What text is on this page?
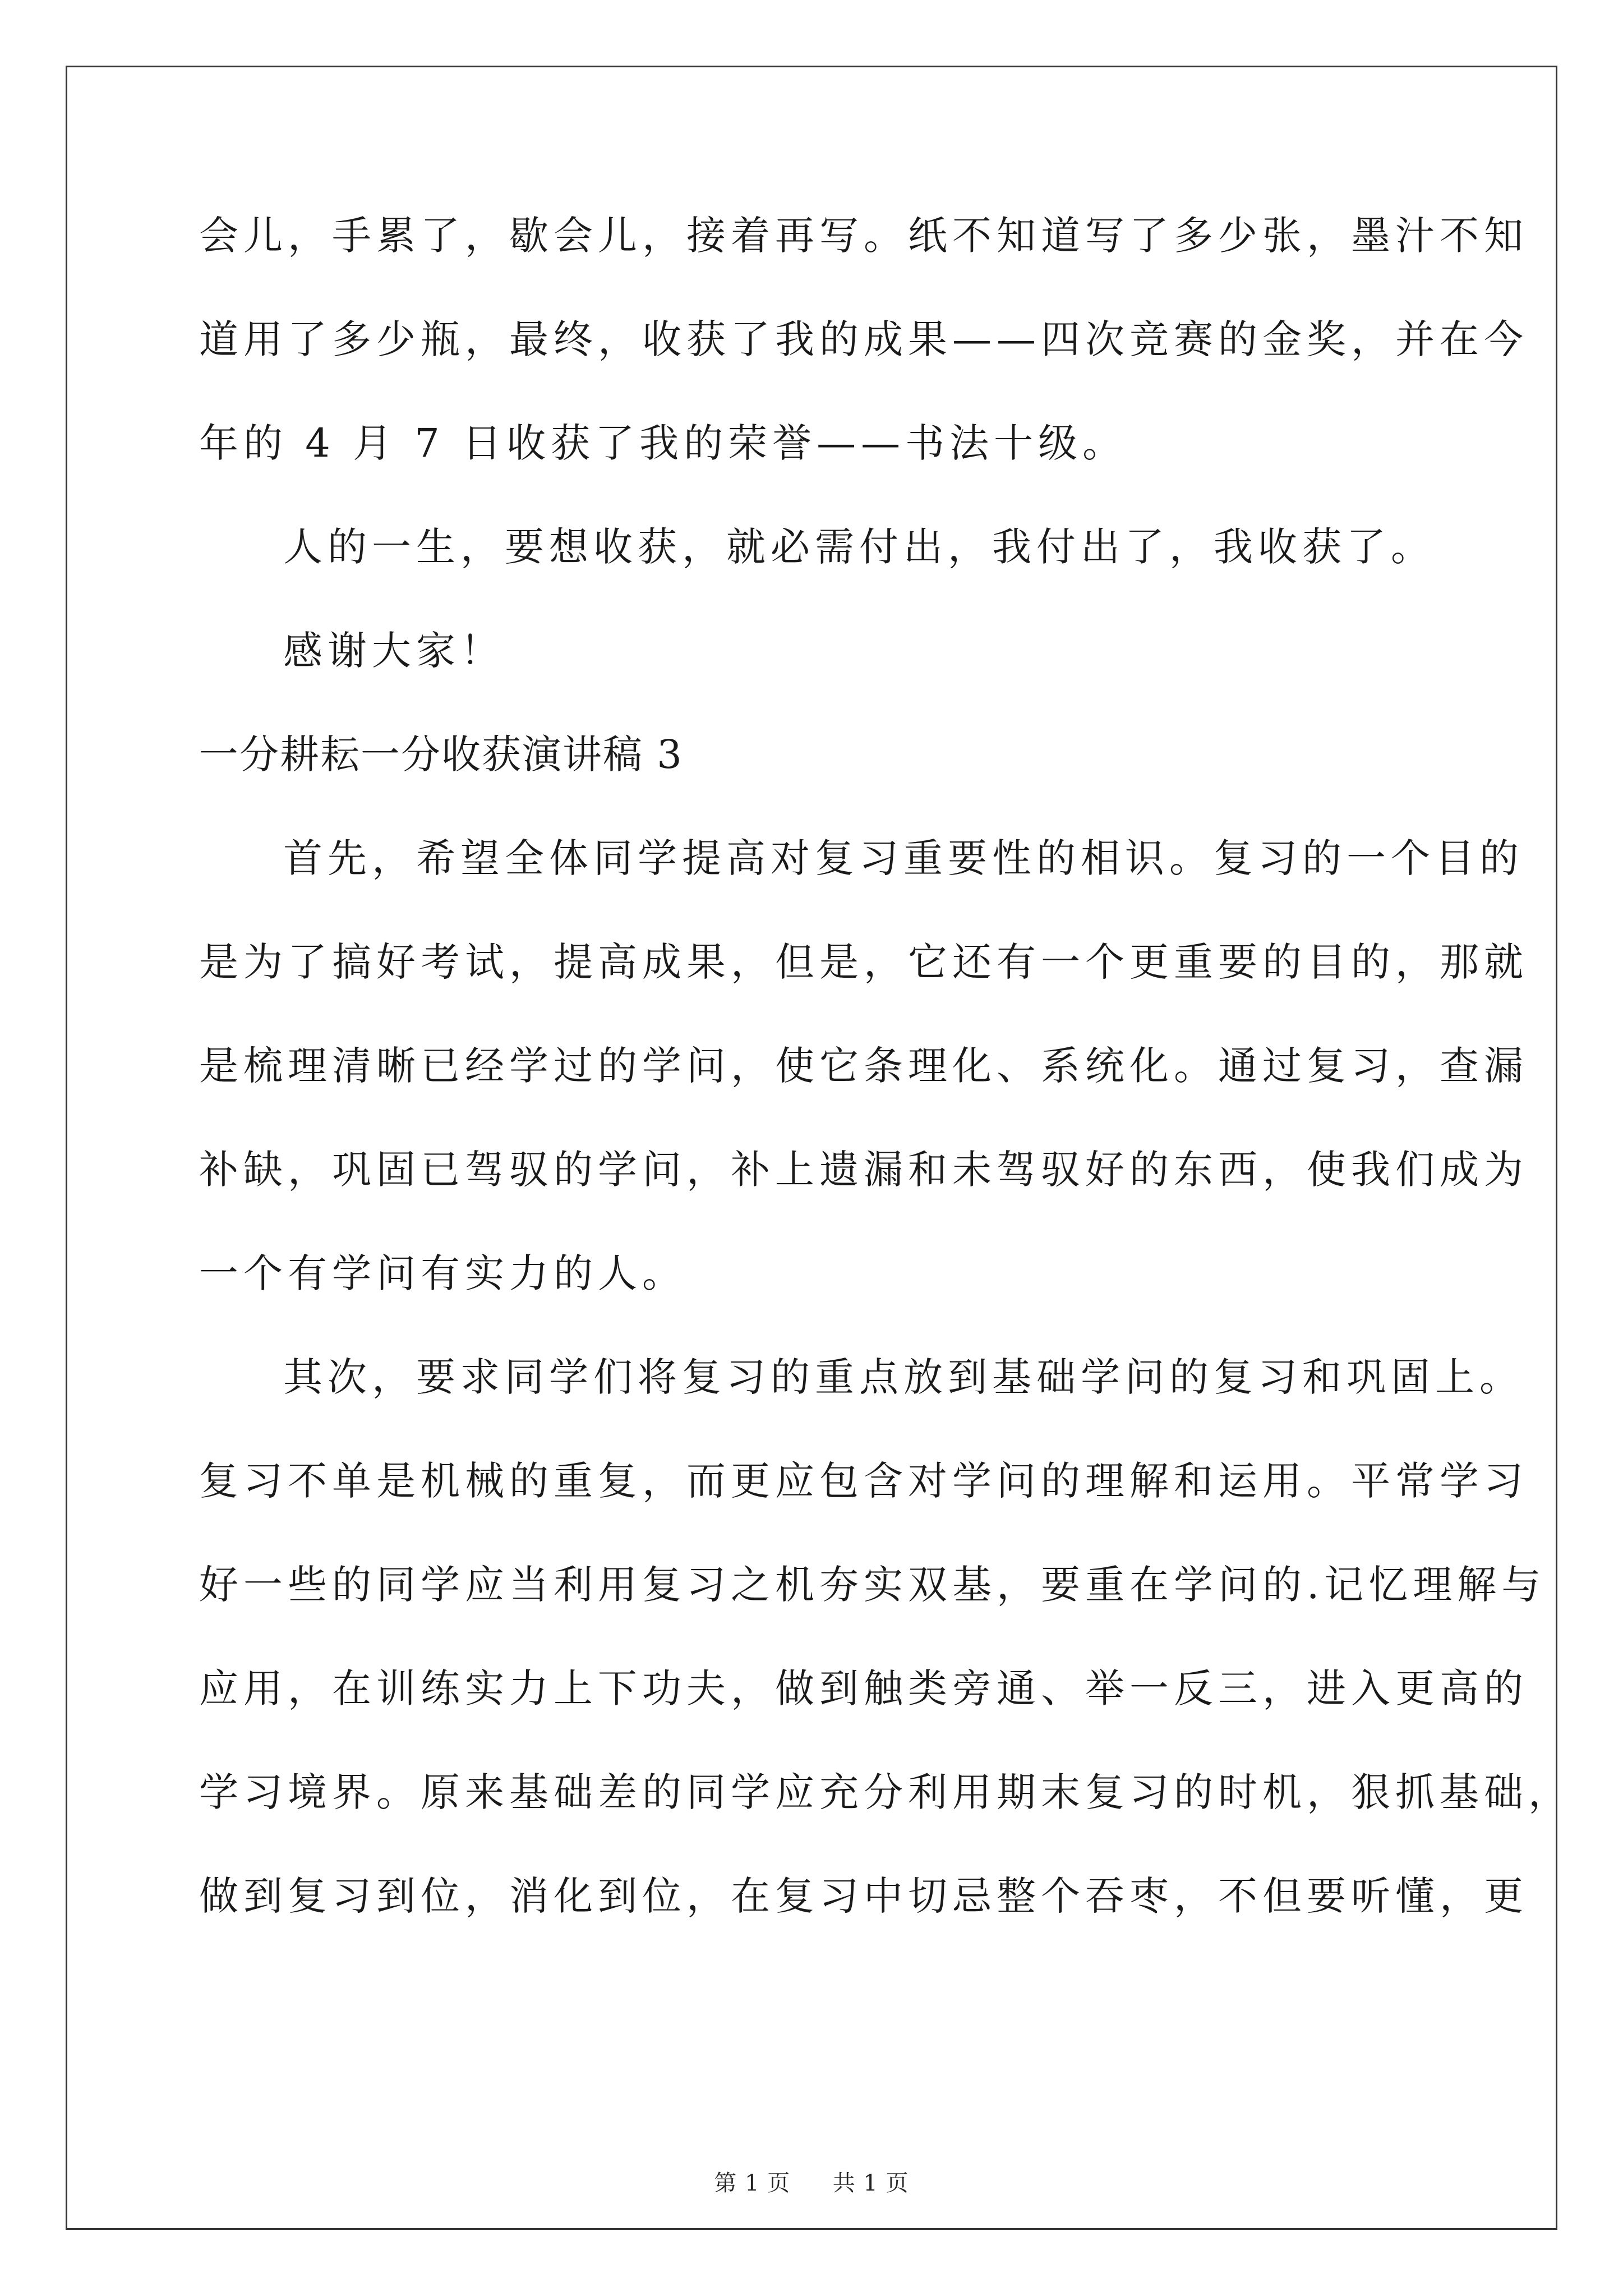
会儿，手累了，歇会儿，接着再写。纸不知道写了多少张，墨汁不知
道用了多少瓶，最终，收获了我的成果——四次竞赛的金奖，并在今
年的 4 月 7 日收获了我的荣誉——书法十级。
人的一生，要想收获，就必需付出，我付出了，我收获了。
感谢大家！
一分耕耘一分收获演讲稿 3
首先，希望全体同学提高对复习重要性的相识。复习的一个目的
是为了搞好考试，提高成果，但是，它还有一个更重要的目的，那就
是梳理清晰已经学过的学问，使它条理化、系统化。通过复习，查漏
补缺，巩固已驾驭的学问，补上遗漏和未驾驭好的东西，使我们成为
一个有学问有实力的人。
其次，要求同学们将复习的重点放到基础学问的复习和巩固上。
复习不单是机械的重复，而更应包含对学问的理解和运用。平常学习
好一些的同学应当利用复习之机夯实双基，要重在学问的.记忆理解与
应用，在训练实力上下功夫，做到触类旁通、举一反三，进入更高的
学习境界。原来基础差的同学应充分利用期末复习的时机，狠抓基础，
做到复习到位，消化到位，在复习中切忌整个吞枣，不但要听懂，更
第 1 页 共 1 页
